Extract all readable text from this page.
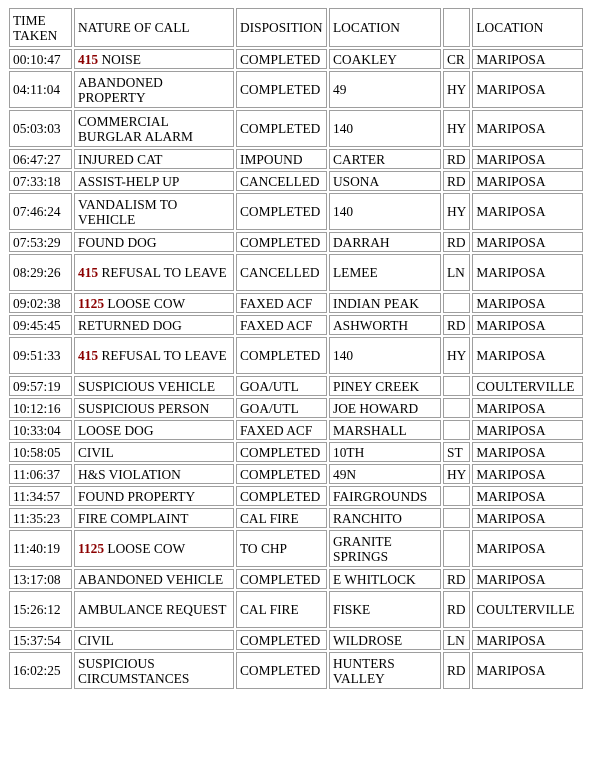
TIME TAKEN	NATURE OF CALL	DISPOSITION	LOCATION		LOCATION
00:10:47	415 NOISE	COMPLETED	COAKLEY	CR	MARIPOSA
04:11:04	ABANDONED PROPERTY	COMPLETED	49	HY	MARIPOSA
05:03:03	COMMERCIAL BURGLAR ALARM	COMPLETED	140	HY	MARIPOSA
06:47:27	INJURED CAT	IMPOUND	CARTER	RD	MARIPOSA
07:33:18	ASSIST-HELP UP	CANCELLED	USONA	RD	MARIPOSA
07:46:24	VANDALISM TO VEHICLE	COMPLETED	140	HY	MARIPOSA
07:53:29	FOUND DOG	COMPLETED	DARRAH	RD	MARIPOSA
08:29:26	415 REFUSAL TO LEAVE	CANCELLED	LEMEE	LN	MARIPOSA
09:02:38	1125 LOOSE COW	FAXED ACF	INDIAN PEAK		MARIPOSA
09:45:45	RETURNED DOG	FAXED ACF	ASHWORTH	RD	MARIPOSA
09:51:33	415 REFUSAL TO LEAVE	COMPLETED	140	HY	MARIPOSA
09:57:19	SUSPICIOUS VEHICLE	GOA/UTL	PINEY CREEK		COULTERVILLE
10:12:16	SUSPICIOUS PERSON	GOA/UTL	JOE HOWARD		MARIPOSA
10:33:04	LOOSE DOG	FAXED ACF	MARSHALL		MARIPOSA
10:58:05	CIVIL	COMPLETED	10TH	ST	MARIPOSA
11:06:37	H&S VIOLATION	COMPLETED	49N	HY	MARIPOSA
11:34:57	FOUND PROPERTY	COMPLETED	FAIRGROUNDS		MARIPOSA
11:35:23	FIRE COMPLAINT	CAL FIRE	RANCHITO		MARIPOSA
11:40:19	1125 LOOSE COW	TO CHP	GRANITE SPRINGS		MARIPOSA
13:17:08	ABANDONED VEHICLE	COMPLETED	E WHITLOCK	RD	MARIPOSA
15:26:12	AMBULANCE REQUEST	CAL FIRE	FISKE	RD	COULTERVILLE
15:37:54	CIVIL	COMPLETED	WILDROSE	LN	MARIPOSA
16:02:25	SUSPICIOUS CIRCUMSTANCES	COMPLETED	HUNTERS VALLEY	RD	MARIPOSA
